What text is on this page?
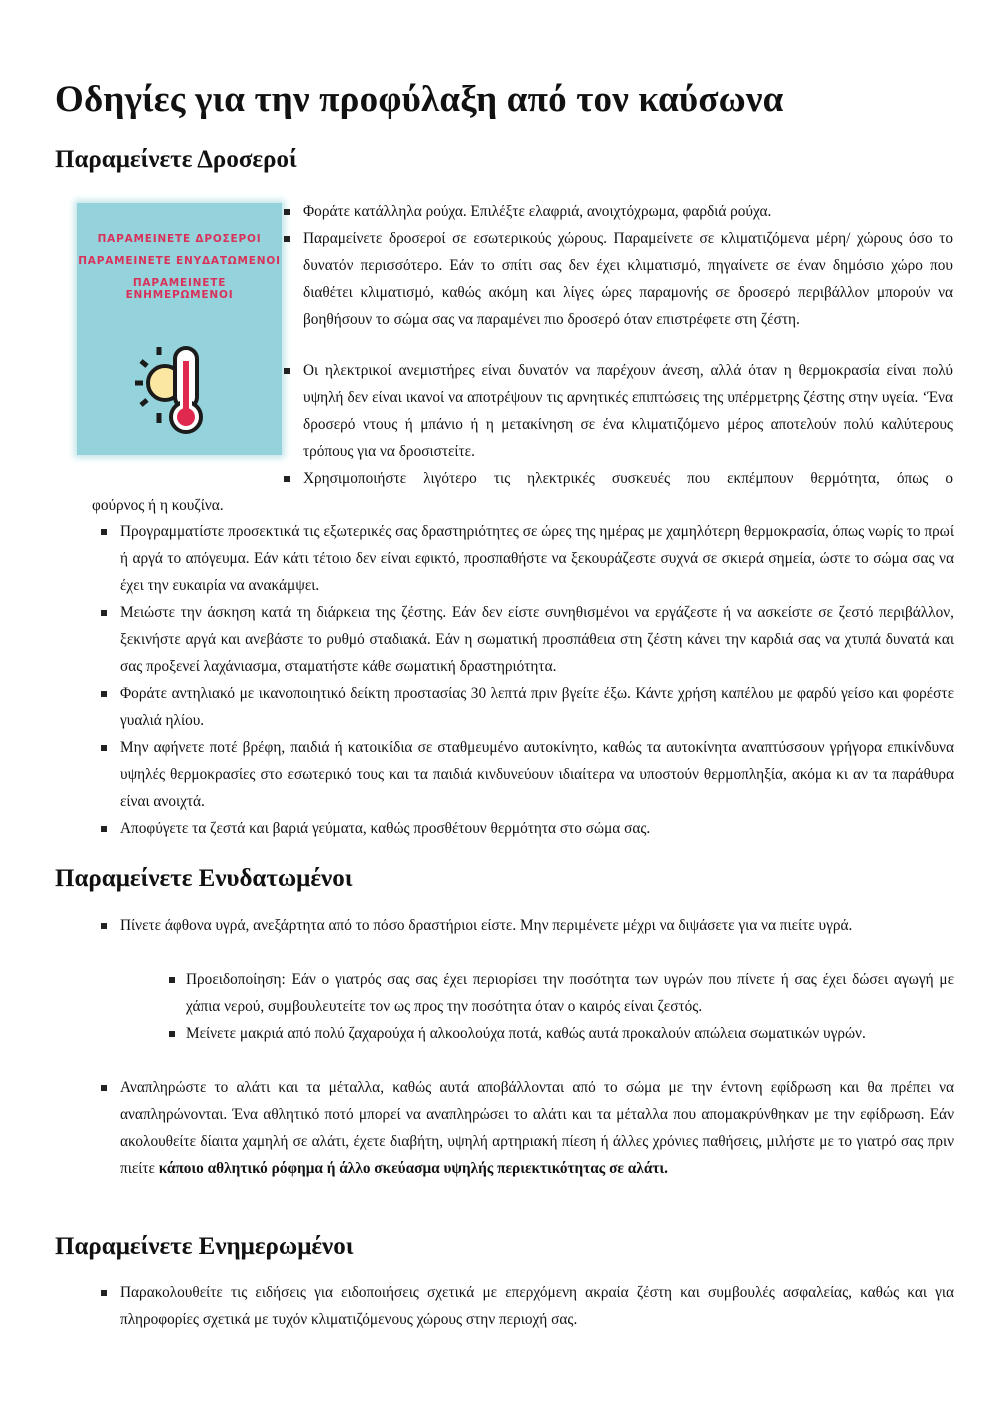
Οδηγίες για την προφύλαξη από τον καύσωνα
Παραμείνετε Δροσεροί
ΠΑΡΑΜΕΙΝΕΤΕ ΔΡΟΣΕΡΟΙ
ΠΑΡΑΜΕΙΝΕΤΕ ΕΝΥΔΑΤΩΜΕΝΟΙ
ΠΑΡΑΜΕΙΝΕΤΕ ΕΝΗΜΕΡΩΜΕΝΟΙ
Φοράτε κατάλληλα ρούχα. Επιλέξτε ελαφριά, ανοιχτόχρωμα, φαρδιά ρούχα.
Παραμείνετε δροσεροί σε εσωτερικούς χώρους. Παραμείνετε σε κλιματιζόμενα μέρη/ χώρους όσο το δυνατόν περισσότερο. Εάν το σπίτι σας δεν έχει κλιματισμό, πηγαίνετε σε έναν δημόσιο χώρο που διαθέτει κλιματισμό, καθώς ακόμη και λίγες ώρες παραμονής σε δροσερό περιβάλλον μπορούν να βοηθήσουν το σώμα σας να παραμένει πιο δροσερό όταν επιστρέφετε στη ζέστη.
Οι ηλεκτρικοί ανεμιστήρες είναι δυνατόν να παρέχουν άνεση, αλλά όταν η θερμοκρασία είναι πολύ υψηλή δεν είναι ικανοί να αποτρέψουν τις αρνητικές επιπτώσεις της υπέρμετρης ζέστης στην υγεία. ‘Ένα δροσερό ντους ή μπάνιο ή η μετακίνηση σε ένα κλιματιζόμενο μέρος αποτελούν πολύ καλύτερους τρόπους για να δροσιστείτε.
Χρησιμοποιήστε λιγότερο τις ηλεκτρικές συσκευές που εκπέμπουν θερμότητα, όπως ο
φούρνος ή η κουζίνα.
Προγραμματίστε προσεκτικά τις εξωτερικές σας δραστηριότητες σε ώρες της ημέρας με χαμηλότερη θερμοκρασία, όπως νωρίς το πρωί ή αργά το απόγευμα. Εάν κάτι τέτοιο δεν είναι εφικτό, προσπαθήστε να ξεκουράζεστε συχνά σε σκιερά σημεία, ώστε το σώμα σας να έχει την ευκαιρία να ανακάμψει.
Μειώστε την άσκηση κατά τη διάρκεια της ζέστης. Εάν δεν είστε συνηθισμένοι να εργάζεστε ή να ασκείστε σε ζεστό περιβάλλον, ξεκινήστε αργά και ανεβάστε το ρυθμό σταδιακά. Εάν η σωματική προσπάθεια στη ζέστη κάνει την καρδιά σας να χτυπά δυνατά και σας προξενεί λαχάνιασμα, σταματήστε κάθε σωματική δραστηριότητα.
Φοράτε αντηλιακό με ικανοποιητικό δείκτη προστασίας 30 λεπτά πριν βγείτε έξω. Κάντε χρήση καπέλου με φαρδύ γείσο και φορέστε γυαλιά ηλίου.
Μην αφήνετε ποτέ βρέφη, παιδιά ή κατοικίδια σε σταθμευμένο αυτοκίνητο, καθώς τα αυτοκίνητα αναπτύσσουν γρήγορα επικίνδυνα υψηλές θερμοκρασίες στο εσωτερικό τους και τα παιδιά κινδυνεύουν ιδιαίτερα να υποστούν θερμοπληξία, ακόμα κι αν τα παράθυρα είναι ανοιχτά.
Αποφύγετε τα ζεστά και βαριά γεύματα, καθώς προσθέτουν θερμότητα στο σώμα σας.
Παραμείνετε Ενυδατωμένοι
Πίνετε άφθονα υγρά, ανεξάρτητα από το πόσο δραστήριοι είστε. Μην περιμένετε μέχρι να διψάσετε για να πιείτε υγρά.
Προειδοποίηση: Εάν ο γιατρός σας σας έχει περιορίσει την ποσότητα των υγρών που πίνετε ή σας έχει δώσει αγωγή με χάπια νερού, συμβουλευτείτε τον ως προς την ποσότητα όταν ο καιρός είναι ζεστός.
Μείνετε μακριά από πολύ ζαχαρούχα ή αλκοολούχα ποτά, καθώς αυτά προκαλούν απώλεια σωματικών υγρών.
Αναπληρώστε το αλάτι και τα μέταλλα, καθώς αυτά αποβάλλονται από το σώμα με την έντονη εφίδρωση και θα πρέπει να αναπληρώνονται. Ένα αθλητικό ποτό μπορεί να αναπληρώσει το αλάτι και τα μέταλλα που απομακρύνθηκαν με την εφίδρωση. Εάν ακολουθείτε δίαιτα χαμηλή σε αλάτι, έχετε διαβήτη, υψηλή αρτηριακή πίεση ή άλλες χρόνιες παθήσεις, μιλήστε με το γιατρό σας πριν πιείτε κάποιο αθλητικό ρόφημα ή άλλο σκεύασμα υψηλής περιεκτικότητας σε αλάτι.
Παραμείνετε Ενημερωμένοι
Παρακολουθείτε τις ειδήσεις για ειδοποιήσεις σχετικά με επερχόμενη ακραία ζέστη και συμβουλές ασφαλείας, καθώς και για πληροφορίες σχετικά με τυχόν κλιματιζόμενους χώρους στην περιοχή σας.
